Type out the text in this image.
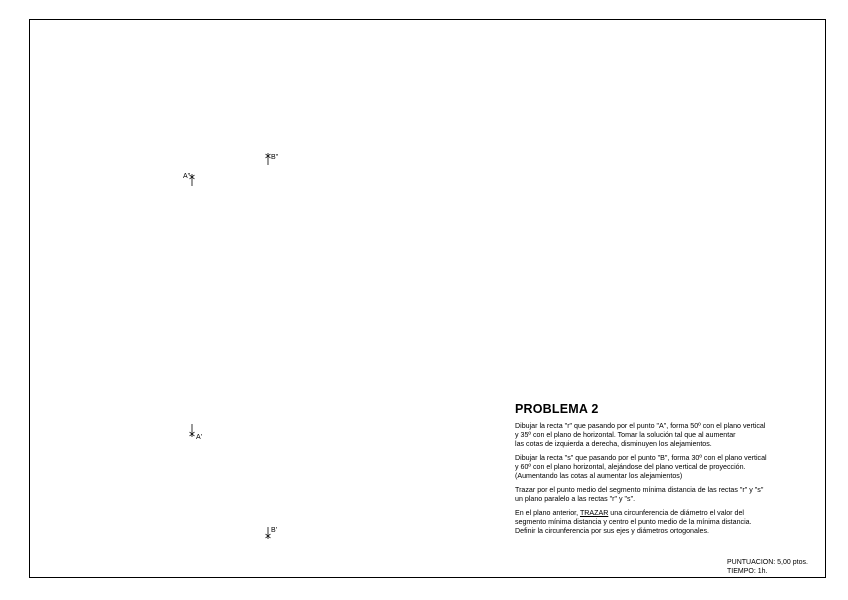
B"
A"
A'
B'
PROBLEMA 2

Dibujar la recta "r" que pasando por el punto "A", forma 50º con el plano vertical
y 35º con el plano de horizontal. Tomar la solución tal que al aumentar
las cotas de izquierda a derecha, disminuyen los alejamientos.

Dibujar la recta "s" que pasando por el punto "B", forma 30º con el plano vertical
y 60º con el plano horizontal, alejándose del plano vertical de proyección.
(Aumentando las cotas al aumentar los alejamientos)

Trazar por el punto medio del segmento mínima distancia de las rectas "r" y "s"
un plano paralelo a las rectas "r" y "s".

En el plano anterior, TRAZAR una circunferencia de diámetro el valor del
segmento mínima distancia y centro el punto medio de la mínima distancia.
Definir la circunferencia por sus ejes y diámetros ortogonales.

PUNTUACION: 5,00 ptos.
TIEMPO: 1h.
